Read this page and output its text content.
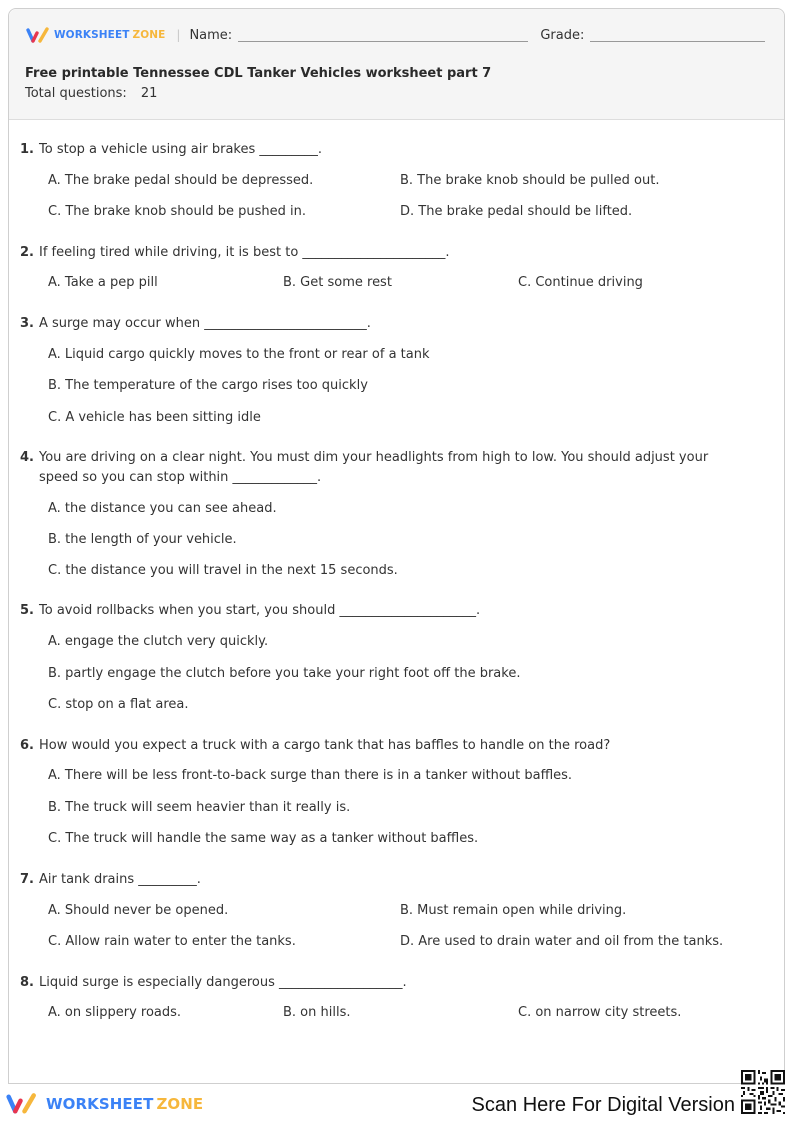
WORKSHEET ZONE | Name:	Grade:
Free printable Tennessee CDL Tanker Vehicles worksheet part 7
Total questions: 21
1. To stop a vehicle using air brakes _________.
A. The brake pedal should be depressed.	B. The brake knob should be pulled out.
C. The brake knob should be pushed in.	D. The brake pedal should be lifted.
2. If feeling tired while driving, it is best to ______________________.
A. Take a pep pill	B. Get some rest	C. Continue driving
3. A surge may occur when _________________________.
A. Liquid cargo quickly moves to the front or rear of a tank
B. The temperature of the cargo rises too quickly
C. A vehicle has been sitting idle
4. You are driving on a clear night. You must dim your headlights from high to low. You should adjust your speed so you can stop within _____________.
A. the distance you can see ahead.
B. the length of your vehicle.
C. the distance you will travel in the next 15 seconds.
5. To avoid rollbacks when you start, you should _____________________.
A. engage the clutch very quickly.
B. partly engage the clutch before you take your right foot off the brake.
C. stop on a flat area.
6. How would you expect a truck with a cargo tank that has baffles to handle on the road?
A. There will be less front-to-back surge than there is in a tanker without baffles.
B. The truck will seem heavier than it really is.
C. The truck will handle the same way as a tanker without baffles.
7. Air tank drains _________.
A. Should never be opened.	B. Must remain open while driving.
C. Allow rain water to enter the tanks.	D. Are used to drain water and oil from the tanks.
8. Liquid surge is especially dangerous ___________________.
A. on slippery roads.	B. on hills.	C. on narrow city streets.
WORKSHEET ZONE	Scan Here For Digital Version
